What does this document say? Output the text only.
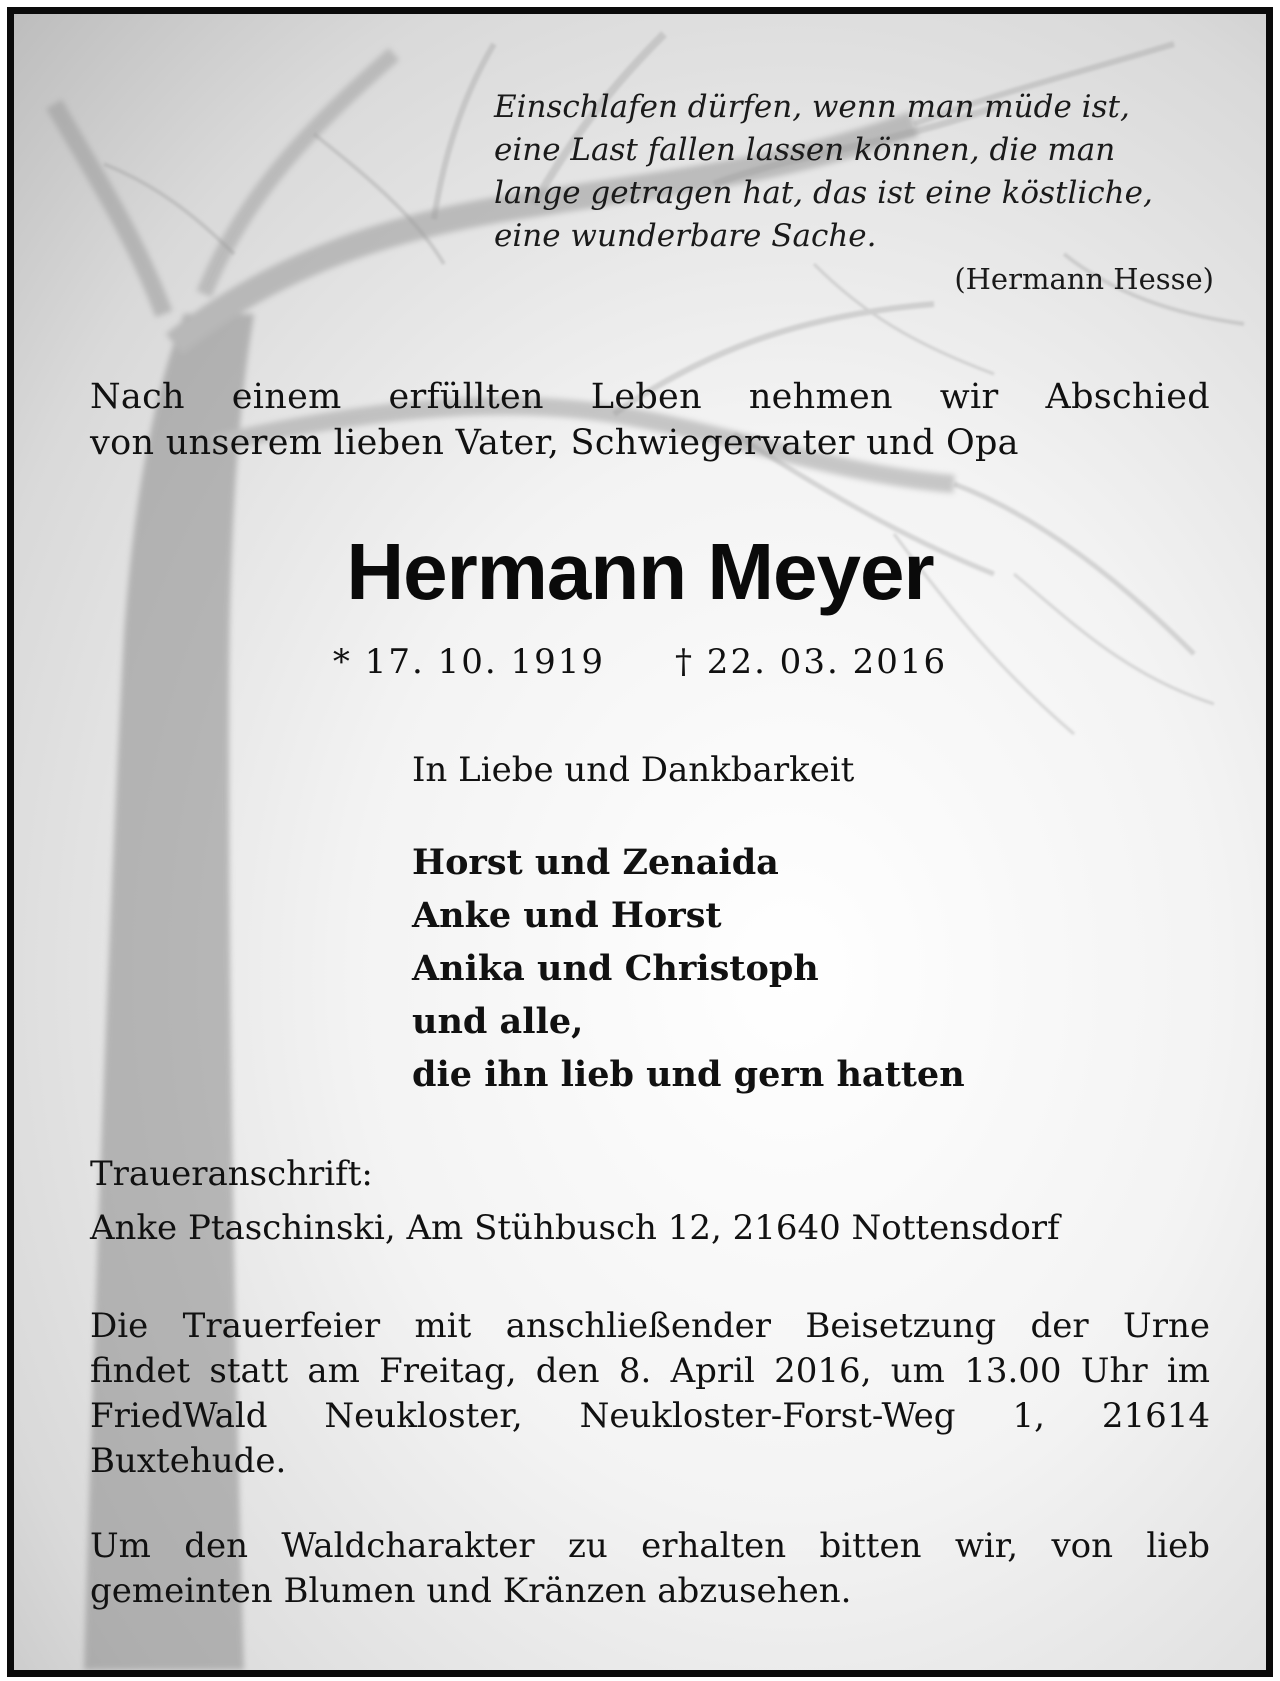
Einschlafen dürfen, wenn man müde ist,
eine Last fallen lassen können, die man
lange getragen hat, das ist eine köstliche,
eine wunderbare Sache.
(Hermann Hesse)
Nach einem erfüllten Leben nehmen wir Abschied
von unserem lieben Vater, Schwiegervater und Opa
Hermann Meyer
* 17. 10. 1919 † 22. 03. 2016
In Liebe und Dankbarkeit
Horst und Zenaida
Anke und Horst
Anika und Christoph
und alle,
die ihn lieb und gern hatten
Traueranschrift:
Anke Ptaschinski, Am Stühbusch 12, 21640 Nottensdorf
Die Trauerfeier mit anschließender Beisetzung der Urne
findet statt am Freitag, den 8. April 2016, um 13.00 Uhr im
FriedWald Neukloster, Neukloster-Forst-Weg 1, 21614
Buxtehude.
Um den Waldcharakter zu erhalten bitten wir, von lieb
gemeinten Blumen und Kränzen abzusehen.
